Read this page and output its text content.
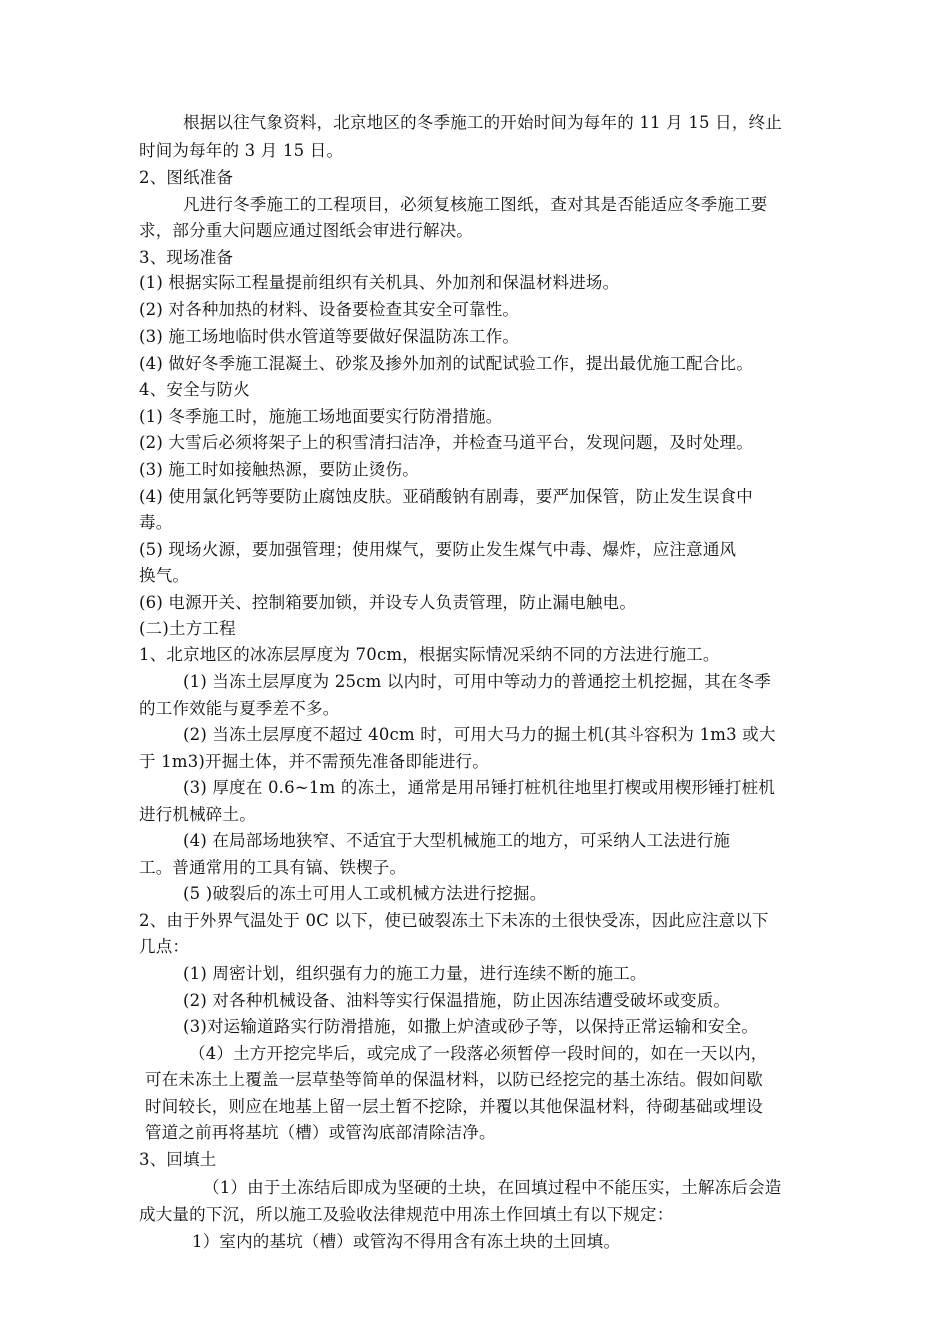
根据以往气象资料，北京地区的冬季施工的开始时间为每年的 11 月 15 日，终止
时间为每年的 3 月 15 日。
2、图纸准备
凡进行冬季施工的工程项目，必须复核施工图纸，查对其是否能适应冬季施工要
求，部分重大问题应通过图纸会审进行解决。
3、现场准备
(1) 根据实际工程量提前组织有关机具、外加剂和保温材料进场。
(2) 对各种加热的材料、设备要检查其安全可靠性。
(3) 施工场地临时供水管道等要做好保温防冻工作。
(4) 做好冬季施工混凝土、砂浆及掺外加剂的试配试验工作，提出最优施工配合比。
4、安全与防火
(1) 冬季施工时，施施工场地面要实行防滑措施。
(2) 大雪后必须将架子上的积雪清扫洁净，并检查马道平台，发现问题，及时处理。
(3) 施工时如接触热源，要防止烫伤。
(4) 使用氯化钙等要防止腐蚀皮肤。亚硝酸钠有剧毒，要严加保管，防止发生误食中
毒。
(5) 现场火源，要加强管理；使用煤气，要防止发生煤气中毒、爆炸，应注意通风
换气。
(6) 电源开关、控制箱要加锁，并设专人负责管理，防止漏电触电。
(二)土方工程
1、北京地区的冰冻层厚度为 70cm，根据实际情况采纳不同的方法进行施工。
(1) 当冻土层厚度为 25cm 以内时，可用中等动力的普通挖土机挖掘，其在冬季
的工作效能与夏季差不多。
(2) 当冻土层厚度不超过 40cm 时，可用大马力的掘土机(其斗容积为 1m3 或大
于 1m3)开掘土体，并不需预先准备即能进行。
(3) 厚度在 0.6~1m 的冻土，通常是用吊锤打桩机往地里打楔或用楔形锤打桩机
进行机械碎土。
(4) 在局部场地狭窄、不适宜于大型机械施工的地方，可采纳人工法进行施
工。普通常用的工具有镐、铁楔子。
(5 )破裂后的冻土可用人工或机械方法进行挖掘。
2、由于外界气温处于 0C 以下，使已破裂冻土下未冻的土很快受冻，因此应注意以下
几点：
(1) 周密计划，组织强有力的施工力量，进行连续不断的施工。
(2) 对各种机械设备、油料等实行保温措施，防止因冻结遭受破坏或变质。
(3)对运输道路实行防滑措施，如撒上炉渣或砂子等，以保持正常运输和安全。
（4）土方开挖完毕后，或完成了一段落必须暂停一段时间的，如在一天以内，
可在未冻土上覆盖一层草垫等简单的保温材料，以防已经挖完的基土冻结。假如间歇
时间较长，则应在地基上留一层土暂不挖除，并覆以其他保温材料，待砌基础或埋设
管道之前再将基坑（槽）或管沟底部清除洁净。
3、回填土
（1）由于土冻结后即成为坚硬的土块，在回填过程中不能压实，土解冻后会造
成大量的下沉，所以施工及验收法律规范中用冻土作回填土有以下规定：
1）室内的基坑（槽）或管沟不得用含有冻土块的土回填。
